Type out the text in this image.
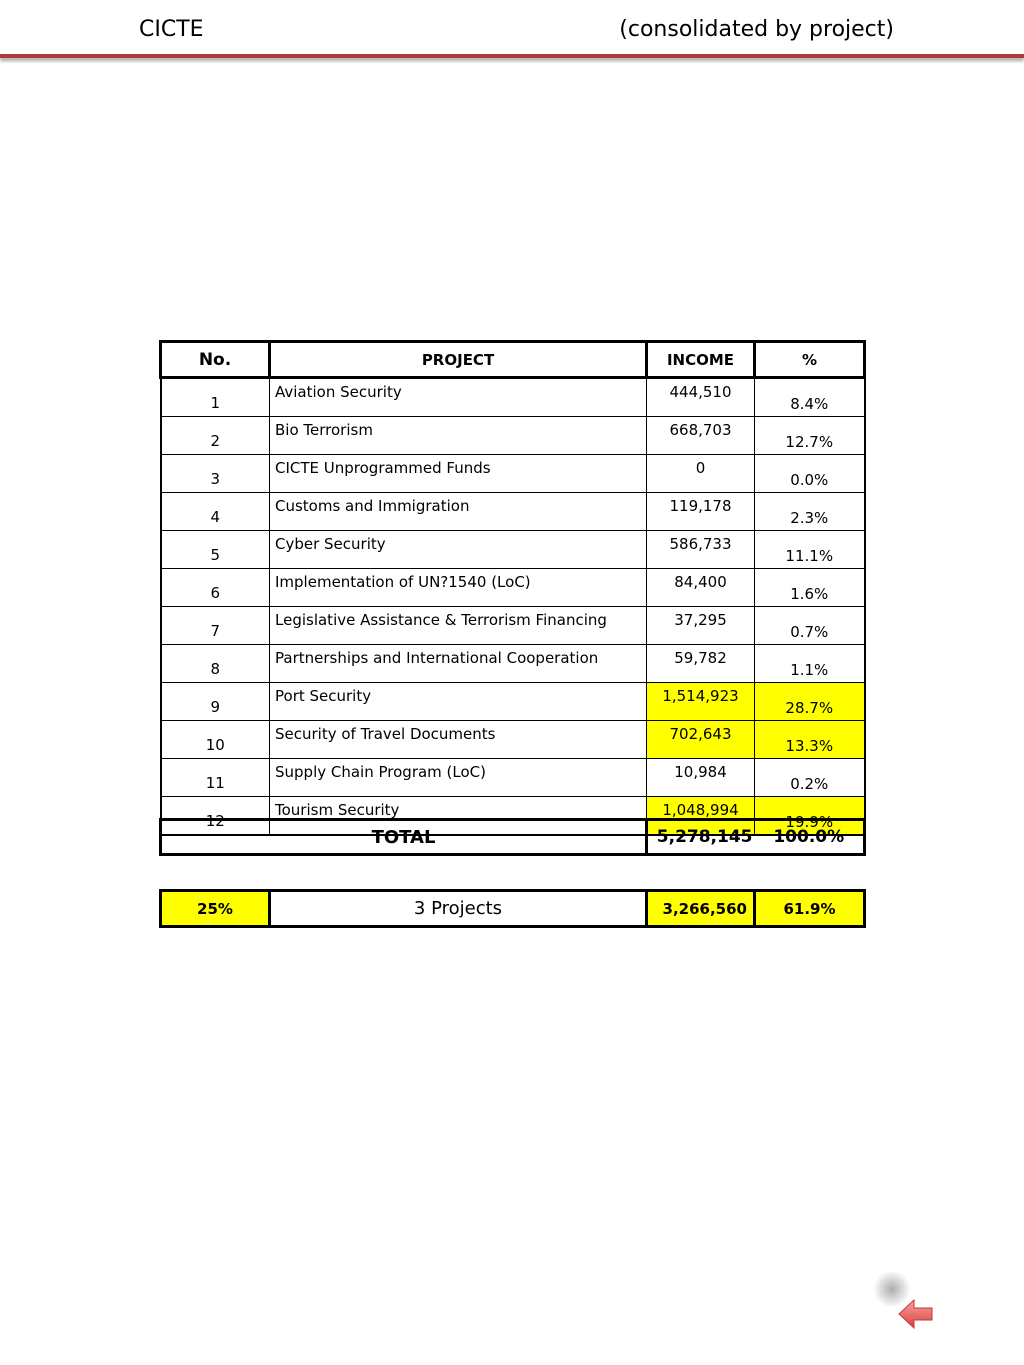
CICTE	(consolidated by project)
No.	PROJECT	INCOME	%
1	Aviation Security	444,510	8.4%
2	Bio Terrorism	668,703	12.7%
3	CICTE Unprogrammed Funds	0	0.0%
4	Customs and Immigration	119,178	2.3%
5	Cyber Security	586,733	11.1%
6	Implementation of UN?1540 (LoC)	84,400	1.6%
7	Legislative Assistance & Terrorism Financing	37,295	0.7%
8	Partnerships and International Cooperation	59,782	1.1%
9	Port Security	1,514,923	28.7%
10	Security of Travel Documents	702,643	13.3%
11	Supply Chain Program (LoC)	10,984	0.2%
12	Tourism Security	1,048,994	19.9%
TOTAL	5,278,145	100.0%
25%	3 Projects	3,266,560	61.9%
